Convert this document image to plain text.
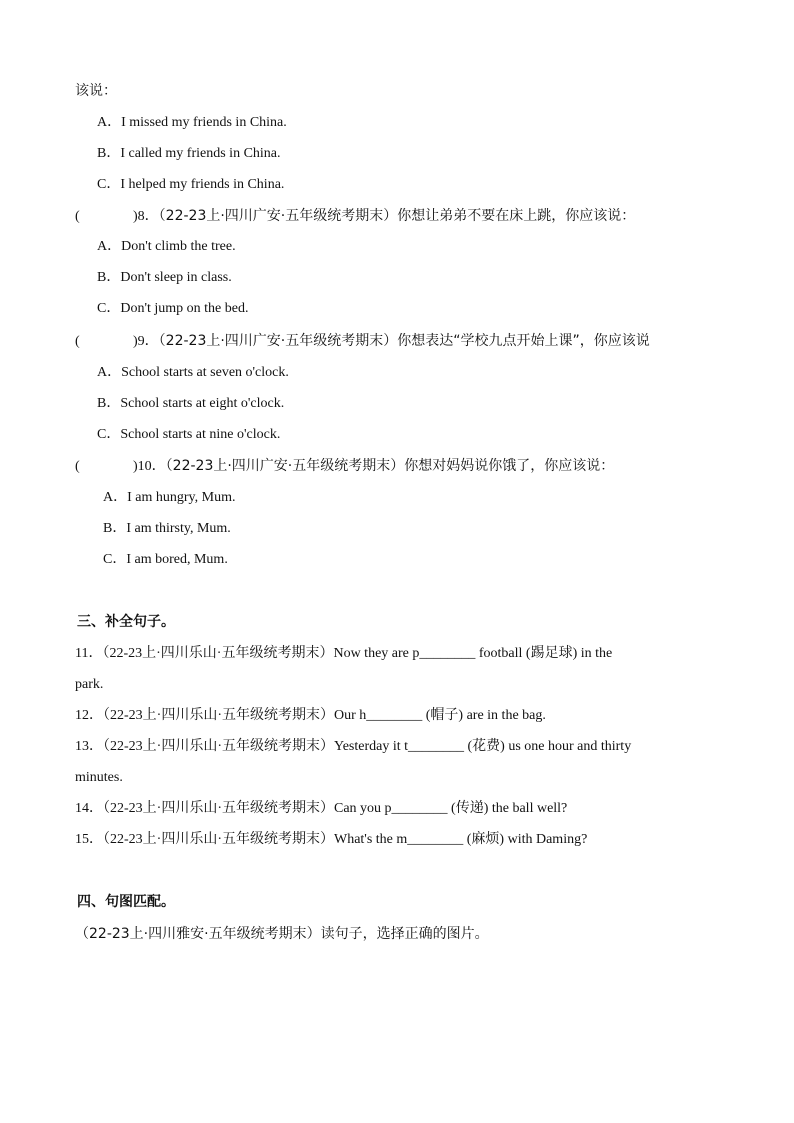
该说：
A．I missed my friends in China.
B．I called my friends in China.
C．I helped my friends in China.
(	)8．（22-23上·四川广安·五年级统考期末）你想让弟弟不要在床上跳，你应该说：
A．Don't climb the tree.
B．Don't sleep in class.
C．Don't jump on the bed.
(	)9．（22-23上·四川广安·五年级统考期末）你想表达“学校九点开始上课”，你应该说
A．School starts at seven o'clock.
B．School starts at eight o'clock.
C．School starts at nine o'clock.
(	)10．（22-23上·四川广安·五年级统考期末）你想对妈妈说你饿了，你应该说：
A．I am hungry, Mum.
B．I am thirsty, Mum.
C．I am bored, Mum.
三、补全句子。
11．（22-23上·四川乐山·五年级统考期末）Now they are p________ football (踢足球) in the
park.
12．（22-23上·四川乐山·五年级统考期末）Our h________ (帽子) are in the bag.
13．（22-23上·四川乐山·五年级统考期末）Yesterday it t________ (花费) us one hour and thirty
minutes.
14．（22-23上·四川乐山·五年级统考期末）Can you p________ (传递) the ball well?
15．（22-23上·四川乐山·五年级统考期末）What's the m________ (麻烦) with Daming?
四、句图匹配。
（22-23上·四川雅安·五年级统考期末）读句子，选择正确的图片。
